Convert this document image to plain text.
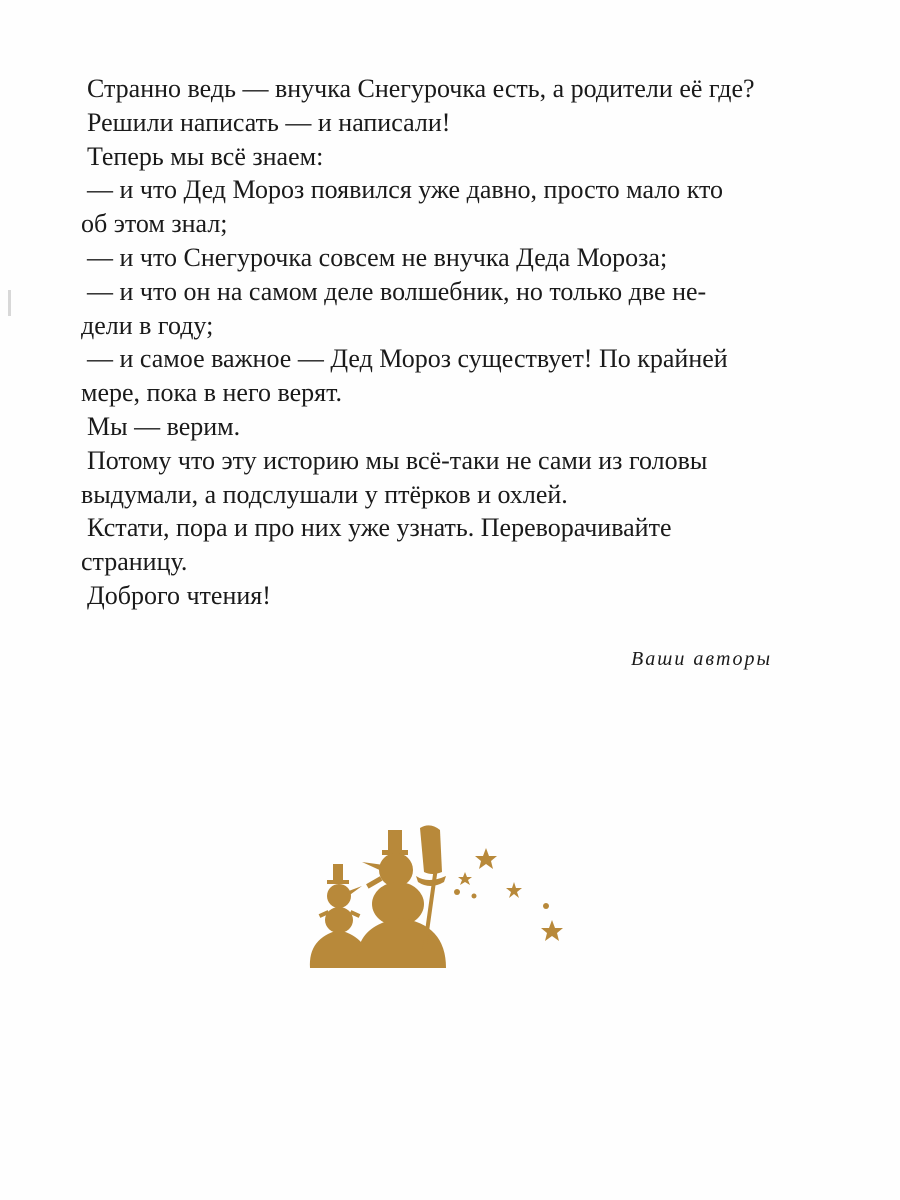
Странно ведь — внучка Снегурочка есть, а родители её где?
Решили написать — и написали!
Теперь мы всё знаем:
— и что Дед Мороз появился уже давно, просто мало кто
об этом знал;
— и что Снегурочка совсем не внучка Деда Мороза;
— и что он на самом деле волшебник, но только две не-
дели в году;
— и самое важное — Дед Мороз существует! По крайней
мере, пока в него верят.
Мы — верим.
Потому что эту историю мы всё-таки не сами из головы
выдумали, а подслушали у птёрков и охлей.
Кстати, пора и про них уже узнать. Переворачивайте
страницу.
Доброго чтения!
Ваши авторы
